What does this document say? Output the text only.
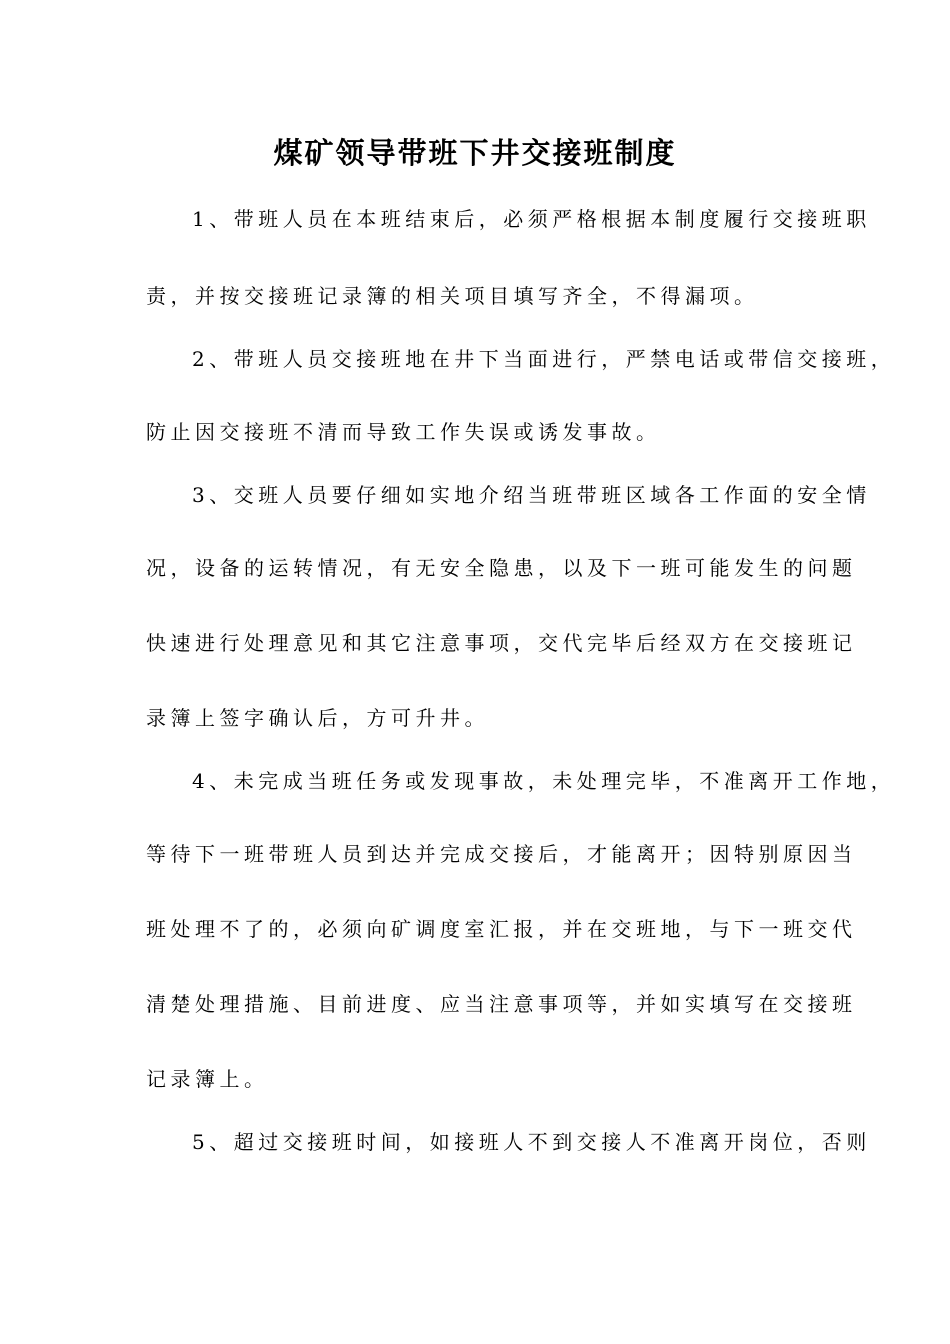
煤矿领导带班下井交接班制度
1、带班人员在本班结束后，必须严格根据本制度履行交接班职
责，并按交接班记录簿的相关项目填写齐全，不得漏项。
2、带班人员交接班地在井下当面进行，严禁电话或带信交接班，
防止因交接班不清而导致工作失误或诱发事故。
3、交班人员要仔细如实地介绍当班带班区域各工作面的安全情
况，设备的运转情况，有无安全隐患，以及下一班可能发生的问题
快速进行处理意见和其它注意事项，交代完毕后经双方在交接班记
录簿上签字确认后，方可升井。
4、未完成当班任务或发现事故，未处理完毕，不准离开工作地，
等待下一班带班人员到达并完成交接后，才能离开；因特别原因当
班处理不了的，必须向矿调度室汇报，并在交班地，与下一班交代
清楚处理措施、目前进度、应当注意事项等，并如实填写在交接班
记录簿上。
5、超过交接班时间，如接班人不到交接人不准离开岗位，否则
